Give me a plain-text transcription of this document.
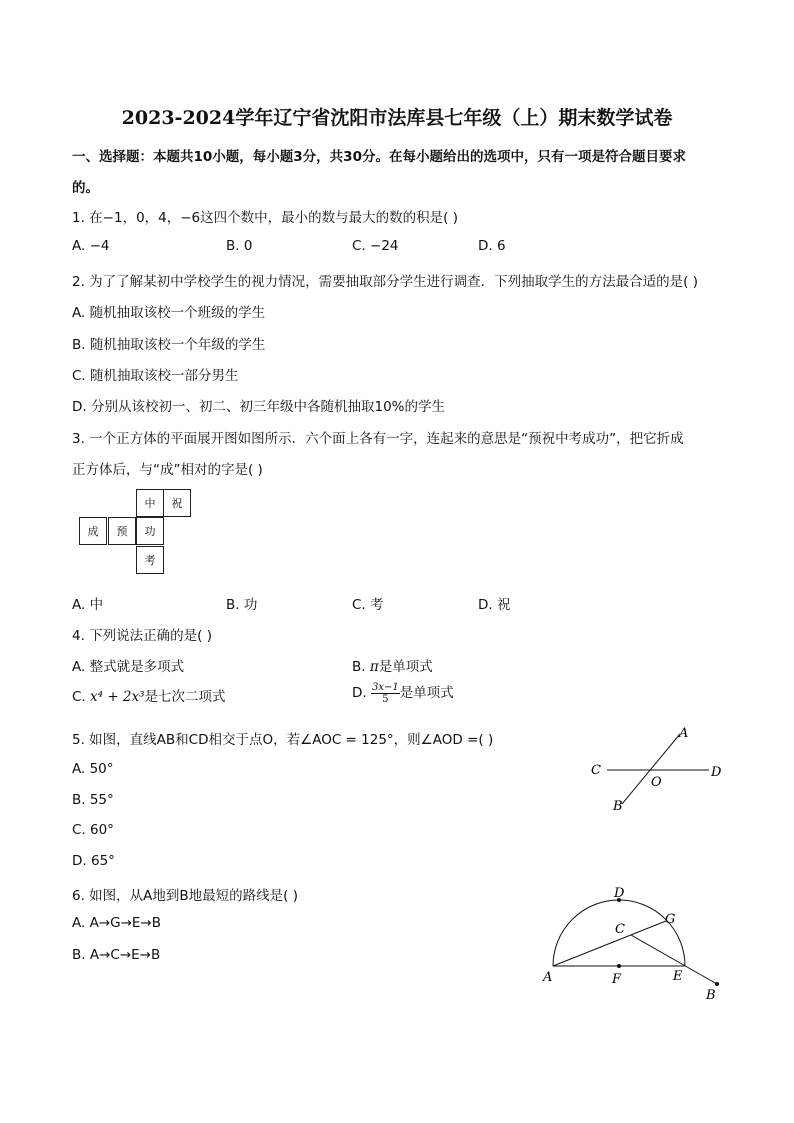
2023-2024学年辽宁省沈阳市法库县七年级（上）期末数学试卷
一、选择题：本题共10小题，每小题3分，共30分。在每小题给出的选项中，只有一项是符合题目要求
的。
1. 在−1，0，4，−6这四个数中，最小的数与最大的数的积是( )
A. −4	B. 0	C. −24	D. 6
2. 为了了解某初中学校学生的视力情况，需要抽取部分学生进行调查．下列抽取学生的方法最合适的是( )
A. 随机抽取该校一个班级的学生
B. 随机抽取该校一个年级的学生
C. 随机抽取该校一部分男生
D. 分别从该校初一、初二、初三年级中各随机抽取10%的学生
3. 一个正方体的平面展开图如图所示．六个面上各有一字，连起来的意思是“预祝中考成功”，把它折成
正方体后，与“成”相对的字是( )
中	祝
成	预	功
考
A. 中	B. 功	C. 考	D. 祝
4. 下列说法正确的是( )
A. 整式就是多项式	B. π是单项式
C. x⁴ + 2x³是七次二项式	D. $\frac{3x-1}{5}$ 是单项式
5. 如图，直线AB和CD相交于点O，若∠AOC = 125°，则∠AOD =( )
A. 50°
B. 55°
C. 60°
D. 65°
A
B
C	D
O
6. 如图，从A地到B地最短的路线是( )
A. A→G→E→B
B. A→C→E→B
D
C
G
A	F	E
B
